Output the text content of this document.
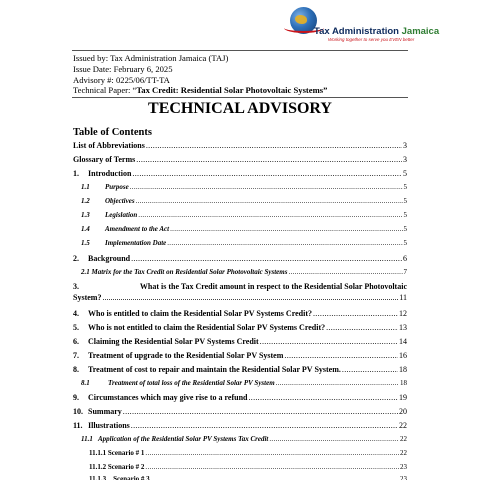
Tax Administration Jamaica
Working together to serve you EVEN better
Issued by: Tax Administration Jamaica (TAJ)
Issue Date: February 6, 2025
Advisory #: 0225/06/TT-TA
Technical Paper: “Tax Credit: Residential Solar Photovoltaic Systems”
TECHNICAL ADVISORY
Table of Contents
List of Abbreviations .....	3
Glossary of Terms .....	3
1.	Introduction .....	5
1.1	Purpose .....	5
1.2	Objectives .....	5
1.3	Legislation .....	5
1.4	Amendment to the Act .....	5
1.5	Implementation Date .....	5
2.	Background .....	6
2.1 Matrix for the Tax Credit on Residential Solar Photovoltaic Systems .....	7
3.	What is the Tax Credit amount in respect to the Residential Solar Photovoltaic
System? .....	11
4.	Who is entitled to claim the Residential Solar PV Systems Credit? .....	12
5.	Who is not entitled to claim the Residential Solar PV Systems Credit? .....	13
6.	Claiming the Residential Solar PV Systems Credit .....	14
7.	Treatment of upgrade to the Residential Solar PV System .....	16
8.	Treatment of cost to repair and maintain the Residential Solar PV System. .....	18
8.1	Treatment of total loss of the Residential Solar PV System .....	18
9.	Circumstances which may give rise to a refund .....	19
10. Summary .....	20
11. Illustrations .....	22
11.1 Application of the Residential Solar PV Systems Tax Credit .....	22
11.1.1 Scenario # 1 .....	22
11.1.2 Scenario # 2 .....	23
11.1.3    Scenario # 3 .....	23
